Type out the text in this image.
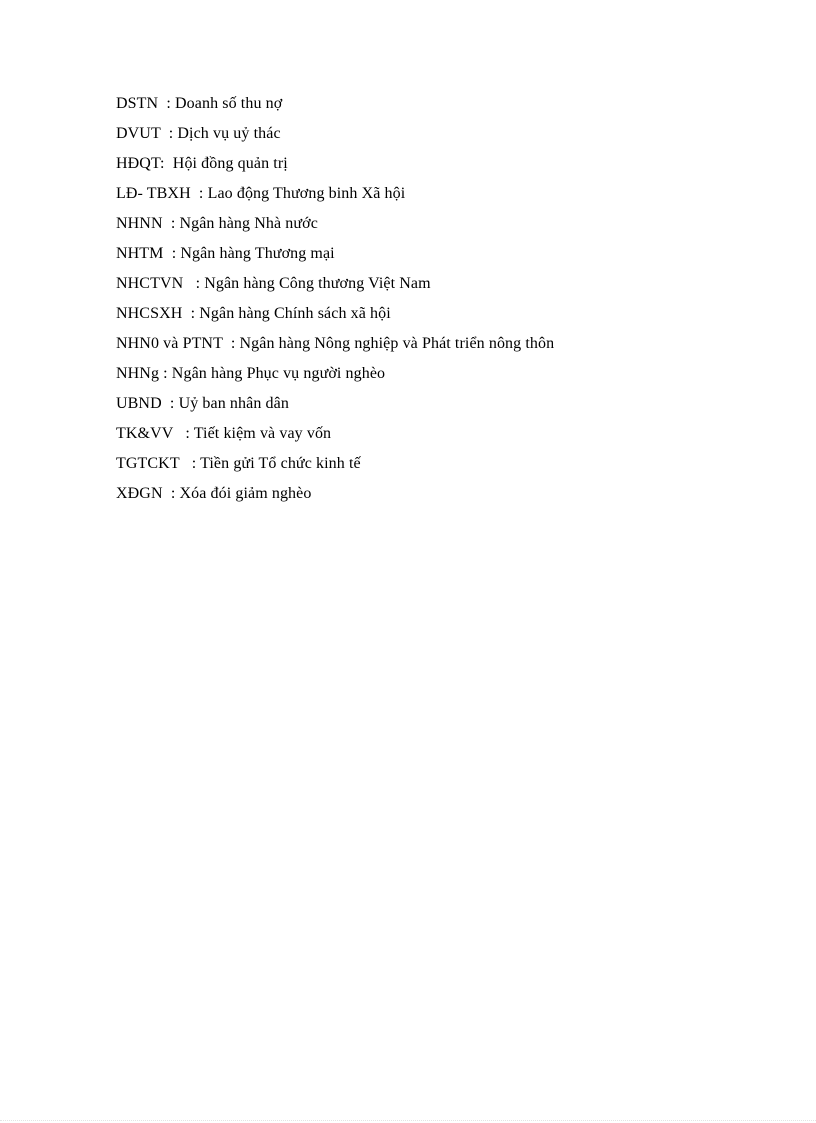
DSTN  : Doanh số thu nợ
DVUT  : Dịch vụ uỷ thác
HĐQT:  Hội đồng quản trị
LĐ- TBXH  : Lao động Thương binh Xã hội
NHNN  : Ngân hàng Nhà nước
NHTM  : Ngân hàng Thương mại
NHCTVN   : Ngân hàng Công thương Việt Nam
NHCSXH  : Ngân hàng Chính sách xã hội
NHN0 và PTNT  : Ngân hàng Nông nghiệp và Phát triển nông thôn
NHNg : Ngân hàng Phục vụ người nghèo
UBND  : Uỷ ban nhân dân
TK&VV   : Tiết kiệm và vay vốn
TGTCKT   : Tiền gửi Tổ chức kinh tế
XĐGN  : Xóa đói giảm nghèo
